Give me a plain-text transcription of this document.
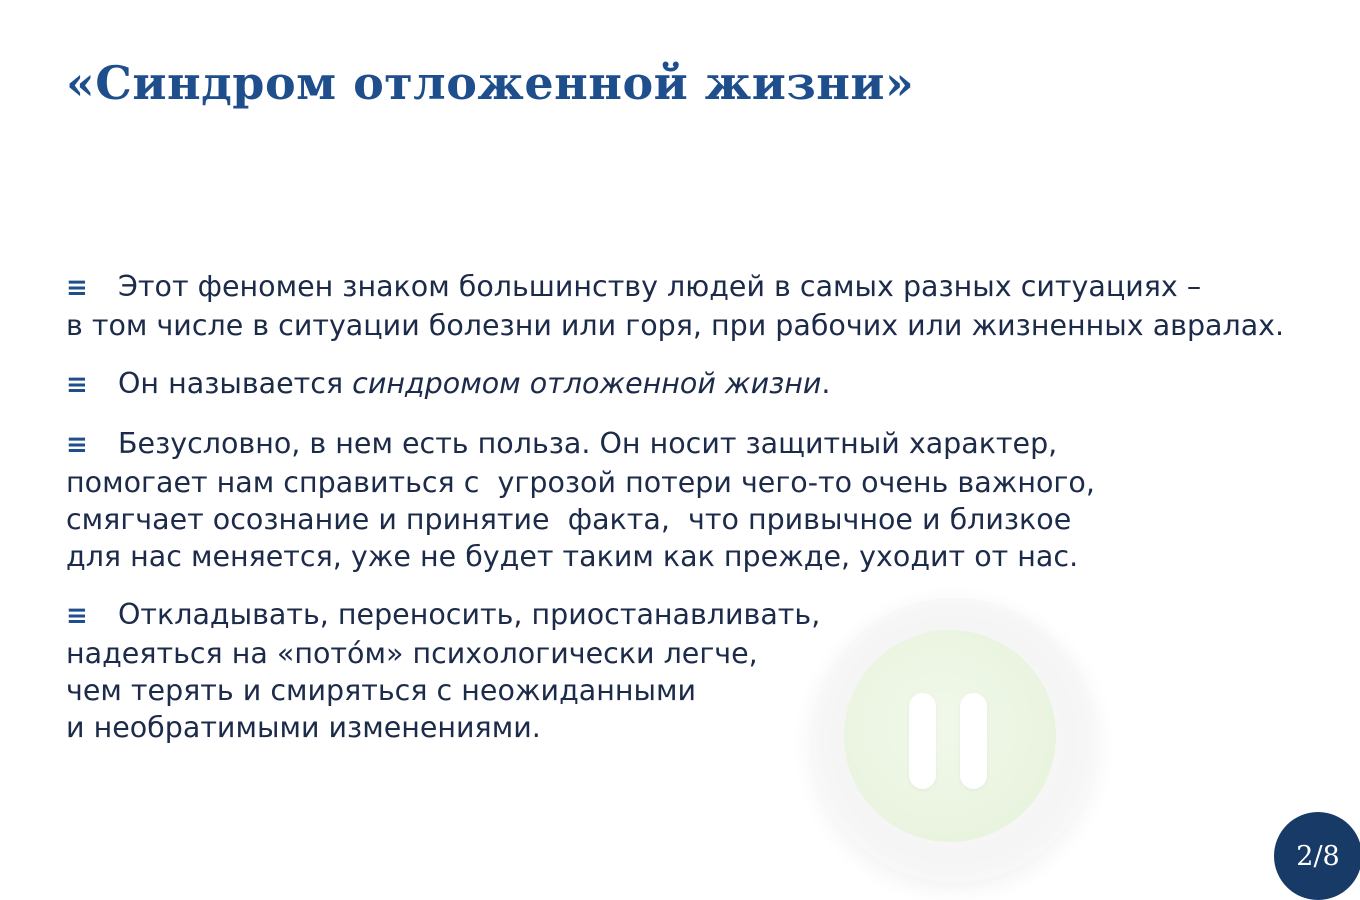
«Синдром отложенной жизни»

≡ Этот феномен знаком большинству людей в самых разных ситуациях –
в том числе в ситуации болезни или горя, при рабочих или жизненных авралах.

≡ Он называется синдромом отложенной жизни.

≡ Безусловно, в нем есть польза. Он носит защитный характер,
помогает нам справиться с  угрозой потери чего-то очень важного,
смягчает осознание и принятие  факта,  что привычное и близкое
для нас меняется, уже не будет таким как прежде, уходит от нас.

≡ Откладывать, переносить, приостанавливать,
надеяться на «потóм» психологически легче,
чем терять и смиряться с неожиданными
и необратимыми изменениями.

2/8
